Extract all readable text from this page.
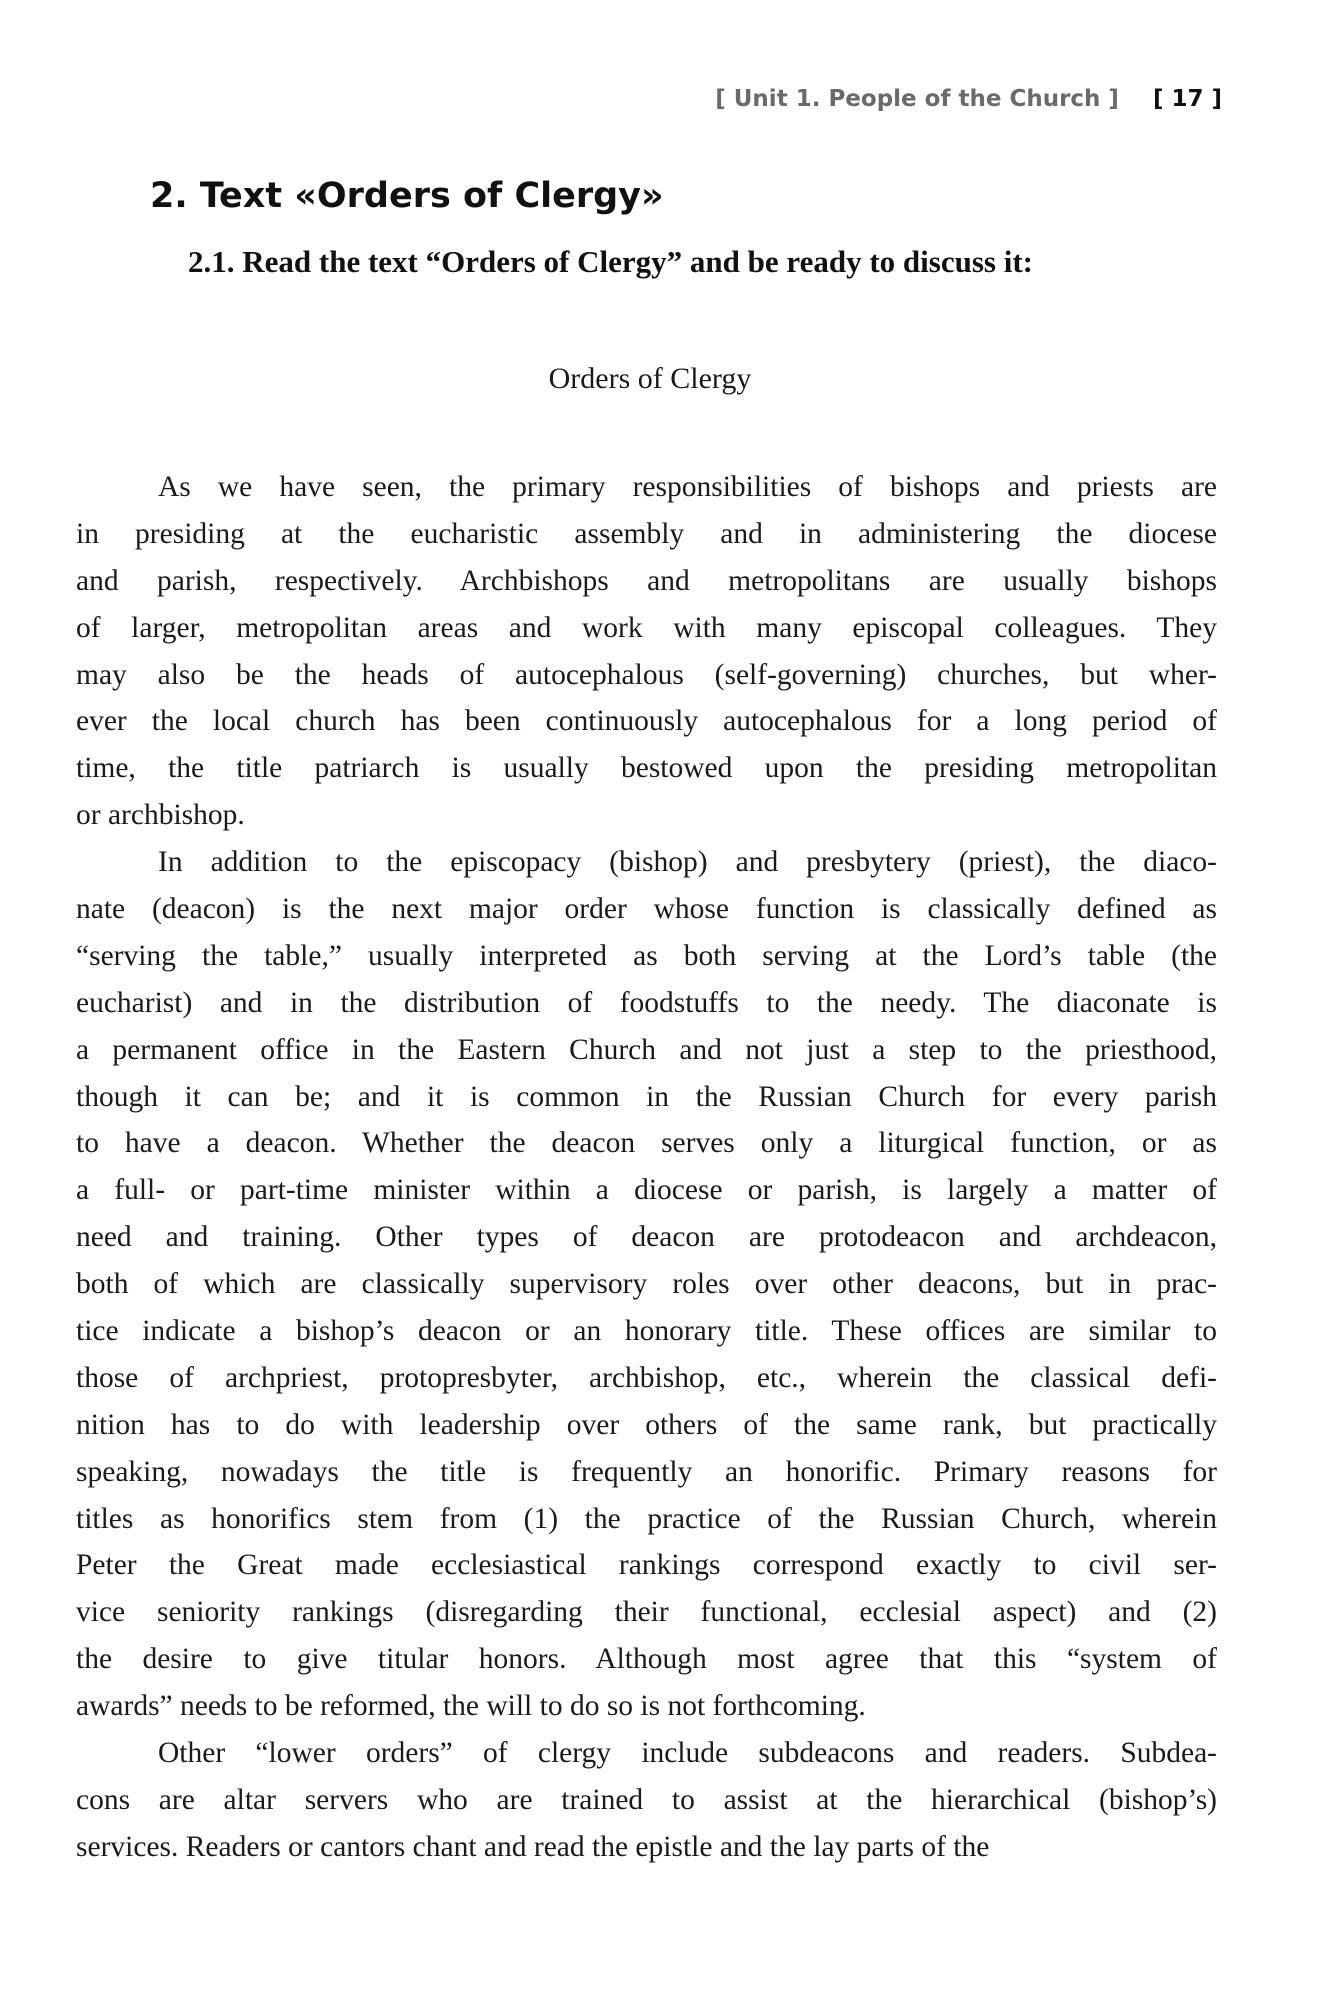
[ Unit 1. People of the Church ] [ 17 ]
2. Text «Orders of Clergy»
2.1. Read the text “Orders of Clergy” and be ready to discuss it:
Orders of Clergy
As we have seen, the primary responsibilities of bishops and priests are
in presiding at the eucharistic assembly and in administering the diocese
and parish, respectively. Archbishops and metropolitans are usually bishops
of larger, metropolitan areas and work with many episcopal colleagues. They
may also be the heads of autocephalous (self-governing) churches, but wher-
ever the local church has been continuously autocephalous for a long period of
time, the title patriarch is usually bestowed upon the presiding metropolitan
or archbishop.
In addition to the episcopacy (bishop) and presbytery (priest), the diaco-
nate (deacon) is the next major order whose function is classically defined as
“serving the table,” usually interpreted as both serving at the Lord’s table (the
eucharist) and in the distribution of foodstuffs to the needy. The diaconate is
a permanent office in the Eastern Church and not just a step to the priesthood,
though it can be; and it is common in the Russian Church for every parish
to have a deacon. Whether the deacon serves only a liturgical function, or as
a full- or part-time minister within a diocese or parish, is largely a matter of
need and training. Other types of deacon are protodeacon and archdeacon,
both of which are classically supervisory roles over other deacons, but in prac-
tice indicate a bishop’s deacon or an honorary title. These offices are similar to
those of archpriest, protopresbyter, archbishop, etc., wherein the classical defi-
nition has to do with leadership over others of the same rank, but practically
speaking, nowadays the title is frequently an honorific. Primary reasons for
titles as honorifics stem from (1) the practice of the Russian Church, wherein
Peter the Great made ecclesiastical rankings correspond exactly to civil ser-
vice seniority rankings (disregarding their functional, ecclesial aspect) and (2)
the desire to give titular honors. Although most agree that this “system of
awards” needs to be reformed, the will to do so is not forthcoming.
Other “lower orders” of clergy include subdeacons and readers. Subdea-
cons are altar servers who are trained to assist at the hierarchical (bishop’s)
services. Readers or cantors chant and read the epistle and the lay parts of the
